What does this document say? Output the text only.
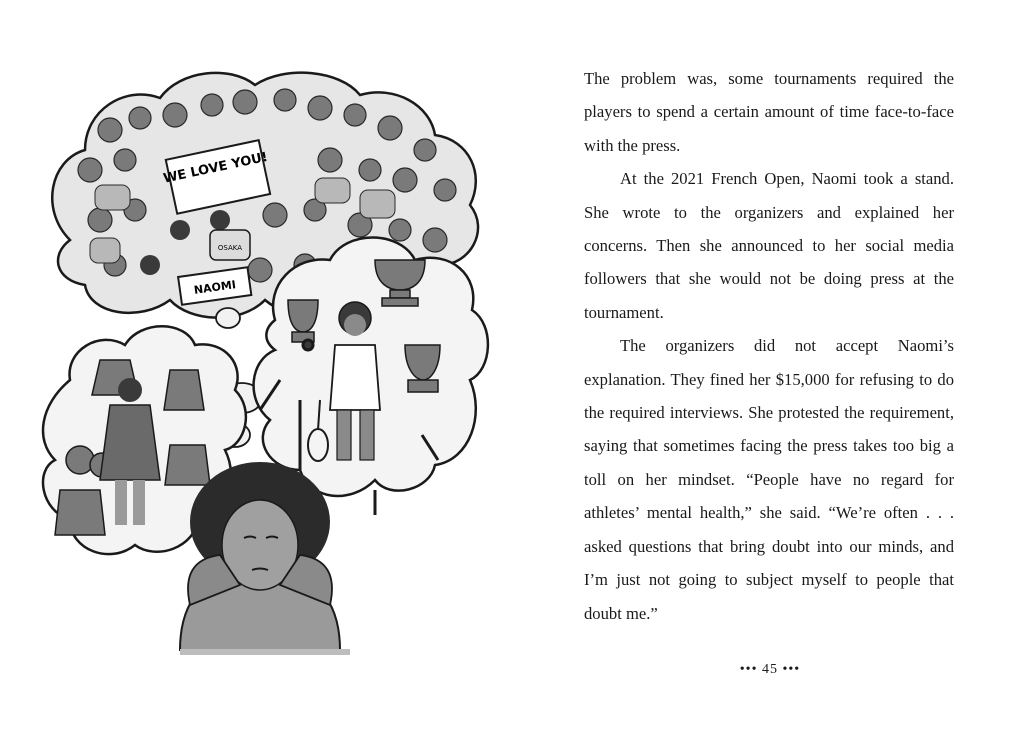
WE LOVE YOU!
OSAKA
NAOMI

The problem was, some tournaments required the players to spend a certain amount of time face-to-face with the press.

At the 2021 French Open, Naomi took a stand. She wrote to the organizers and explained her concerns. Then she announced to her social media followers that she would not be doing press at the tournament.

The organizers did not accept Naomi’s explanation. They fined her $15,000 for refusing to do the required interviews. She protested the requirement, saying that sometimes facing the press takes too big a toll on her mindset. “People have no regard for athletes’ mental health,” she said. “We’re often . . . asked questions that bring doubt into our minds, and I’m just not going to subject myself to people that doubt me.”

••• 45 •••
